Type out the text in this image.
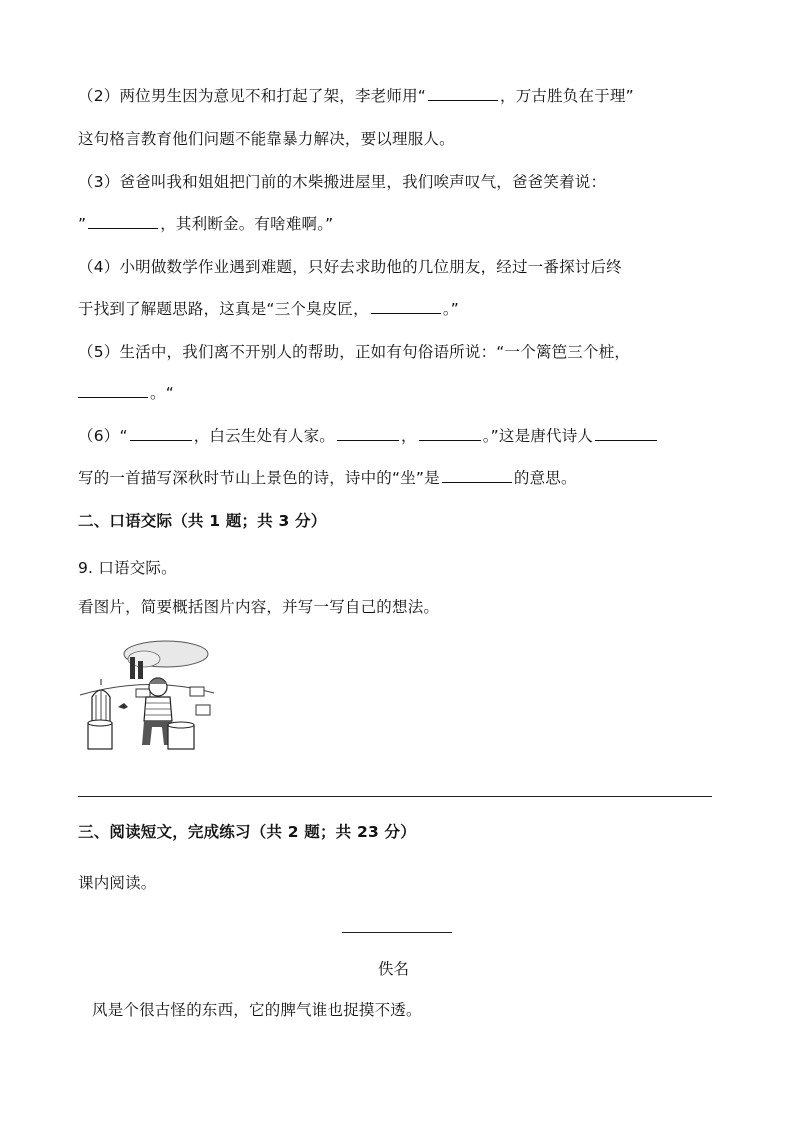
（2）两位男生因为意见不和打起了架，李老师用“	，万古胜负在于理”
这句格言教育他们问题不能靠暴力解决，要以理服人。
（3）爸爸叫我和姐姐把门前的木柴搬进屋里，我们唉声叹气，爸爸笑着说：
”	，其利断金。有啥难啊。”
（4）小明做数学作业遇到难题，只好去求助他的几位朋友，经过一番探讨后终
于找到了解题思路，这真是“三个臭皮匠，	。”
（5）生活中，我们离不开别人的帮助，正如有句俗语所说：“一个篱笆三个桩，
。“
（6）“	，白云生处有人家。	，	。”这是唐代诗人
写的一首描写深秋时节山上景色的诗，诗中的“坐”是	的意思。
二、口语交际（共 1 题；共 3 分）
9. 口语交际。
看图片，简要概括图片内容，并写一写自己的想法。
三、阅读短文，完成练习（共 2 题；共 23 分）
课内阅读。
佚名
风是个很古怪的东西，它的脾气谁也捉摸不透。
